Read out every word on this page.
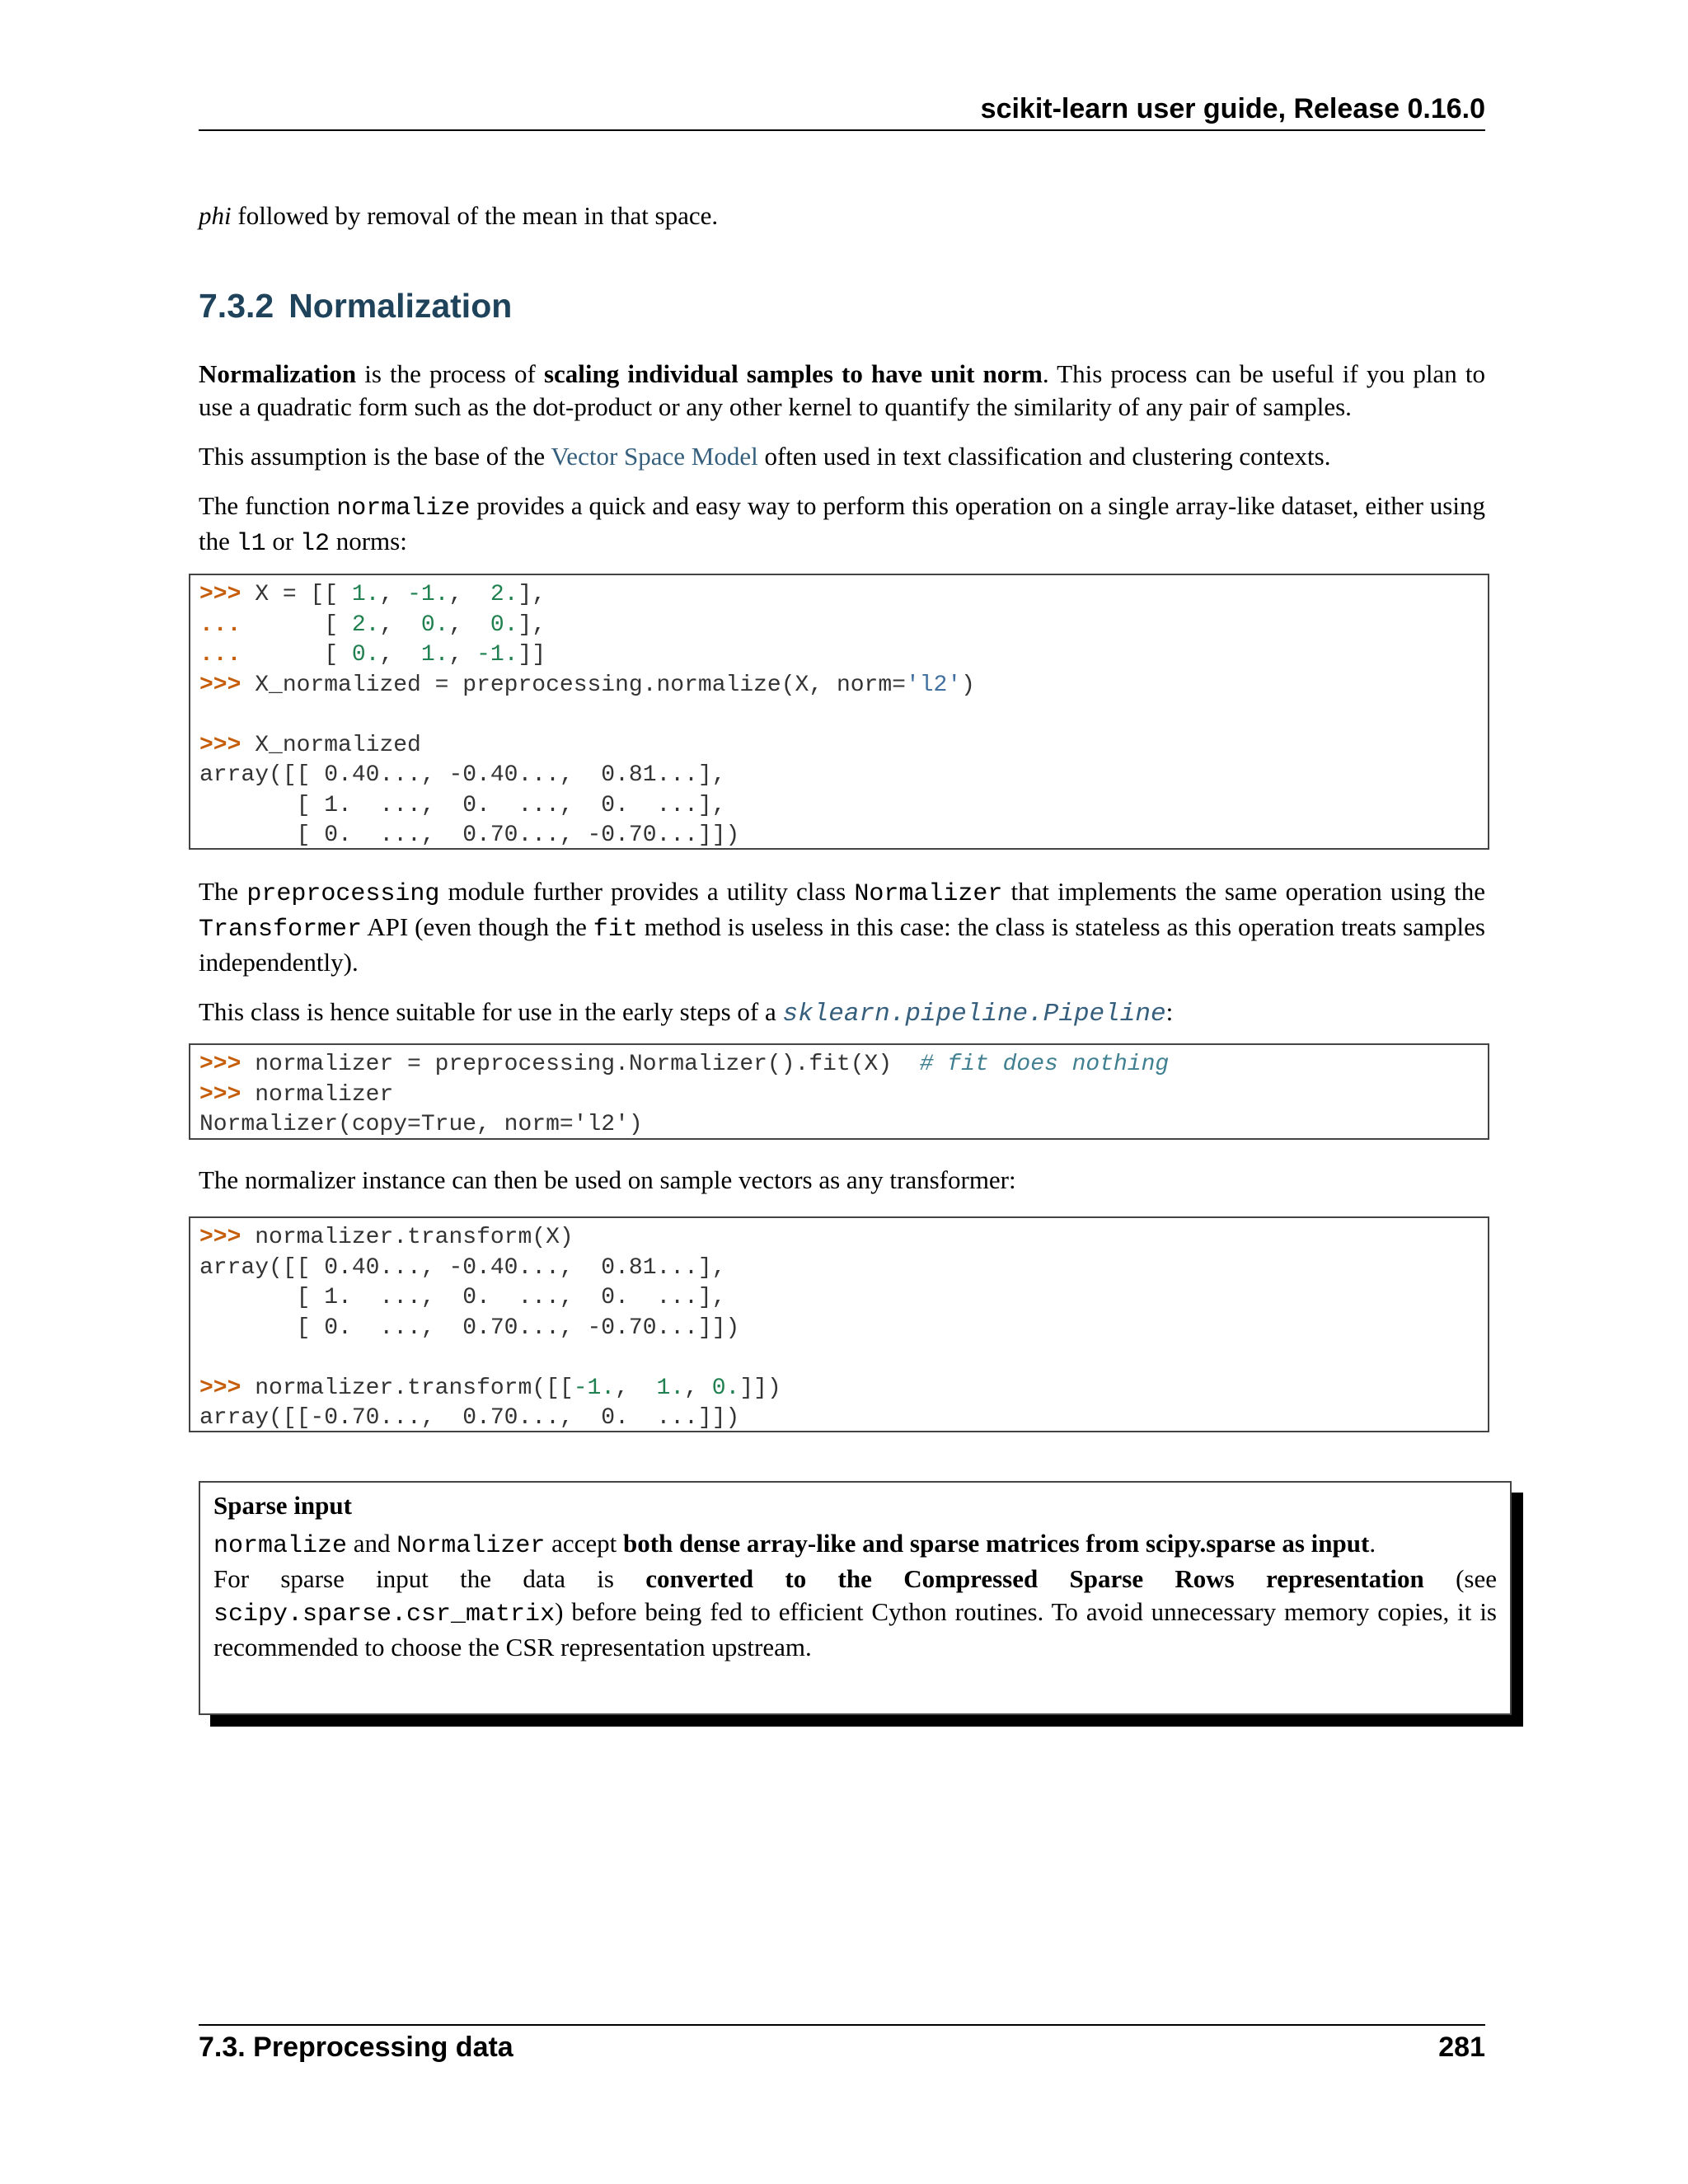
scikit-learn user guide, Release 0.16.0
phi followed by removal of the mean in that space.
7.3.2 Normalization

Normalization is the process of scaling individual samples to have unit norm. This process can be useful if you plan to use a quadratic form such as the dot-product or any other kernel to quantify the similarity of any pair of samples.

This assumption is the base of the Vector Space Model often used in text classification and clustering contexts.

The function normalize provides a quick and easy way to perform this operation on a single array-like dataset, either using the l1 or l2 norms:

>>> X = [[ 1., -1.,  2.],
...      [ 2.,  0.,  0.],
...      [ 0.,  1., -1.]]
>>> X_normalized = preprocessing.normalize(X, norm='l2')
>>> X_normalized
array([[ 0.40..., -0.40...,  0.81...],
[ 1.  ...,  0.  ...,  0.  ...],
[ 0.  ...,  0.70..., -0.70...]])

The preprocessing module further provides a utility class Normalizer that implements the same operation using the Transformer API (even though the fit method is useless in this case: the class is stateless as this operation treats samples independently).

This class is hence suitable for use in the early steps of a sklearn.pipeline.Pipeline:

>>> normalizer = preprocessing.Normalizer().fit(X)  # fit does nothing
>>> normalizer
Normalizer(copy=True, norm='l2')

The normalizer instance can then be used on sample vectors as any transformer:

>>> normalizer.transform(X)
array([[ 0.40..., -0.40...,  0.81...],
[ 1.  ...,  0.  ...,  0.  ...],
[ 0.  ...,  0.70..., -0.70...]])
>>> normalizer.transform([[-1.,  1., 0.]])
array([[-0.70...,  0.70...,  0.  ...]])
Sparse input

normalize and Normalizer accept both dense array-like and sparse matrices from scipy.sparse as input.

For sparse input the data is converted to the Compressed Sparse Rows representation (see scipy.sparse.csr_matrix) before being fed to efficient Cython routines. To avoid unnecessary memory copies, it is recommended to choose the CSR representation upstream.

7.3. Preprocessing data	281
